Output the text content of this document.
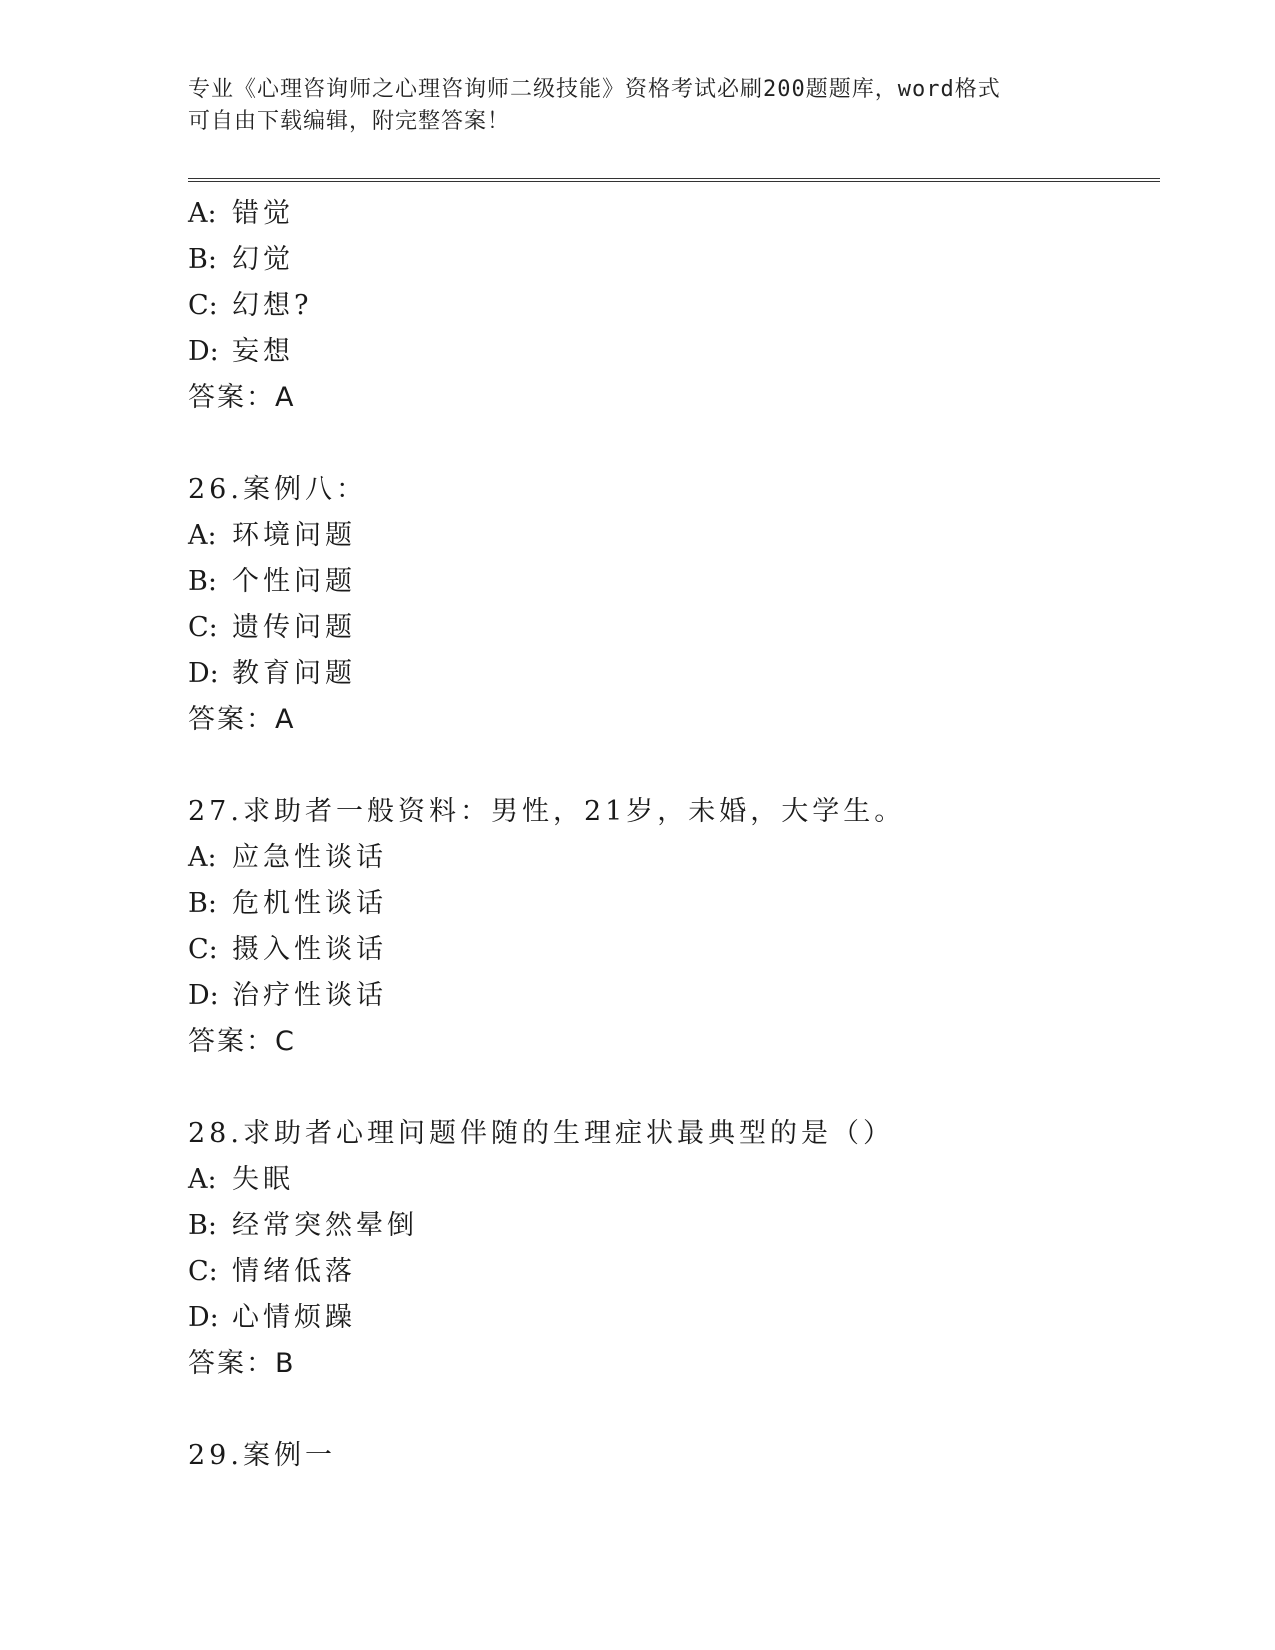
专业《心理咨询师之心理咨询师二级技能》资格考试必刷200题题库，word格式
可自由下载编辑，附完整答案！
A: 错觉
B: 幻觉
C: 幻想?
D: 妄想
答案：A
26.案例八：
A: 环境问题
B: 个性问题
C: 遗传问题
D: 教育问题
答案：A
27.求助者一般资料：男性，21岁，未婚，大学生。
A: 应急性谈话
B: 危机性谈话
C: 摄入性谈话
D: 治疗性谈话
答案：C
28.求助者心理问题伴随的生理症状最典型的是（）
A: 失眠
B: 经常突然晕倒
C: 情绪低落
D: 心情烦躁
答案：B
29.案例一
